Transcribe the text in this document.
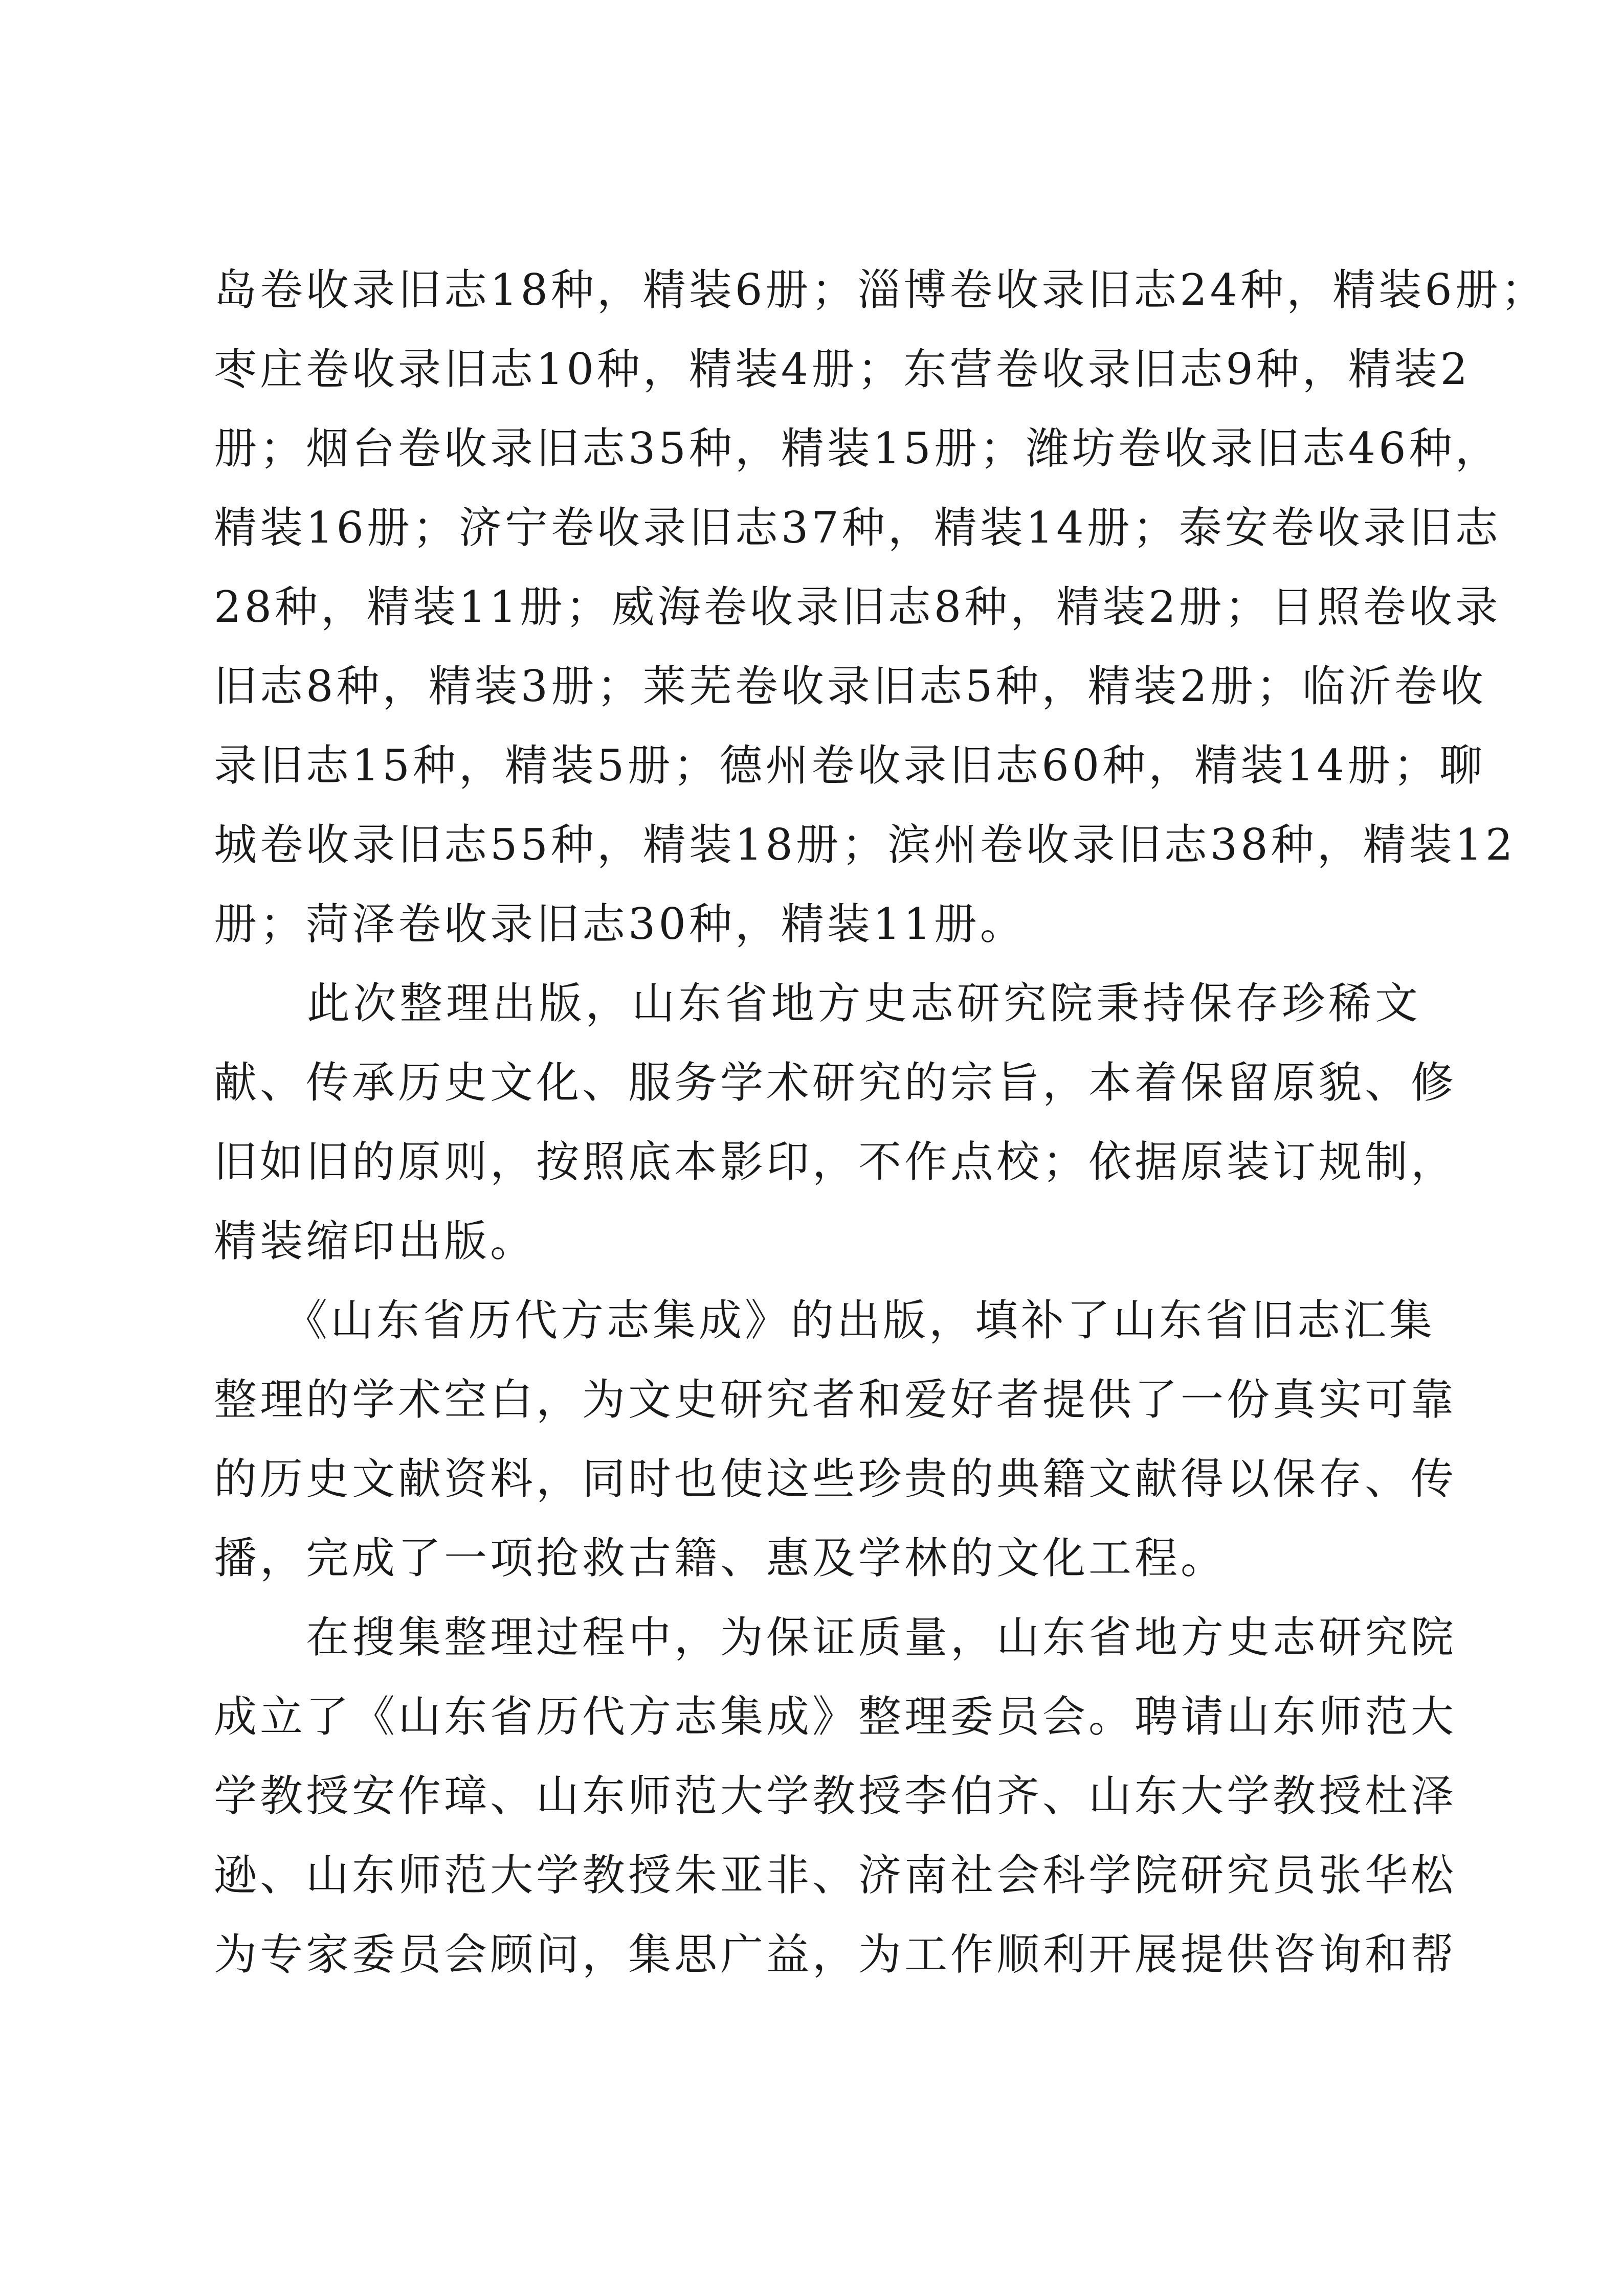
岛卷收录旧志18种，精装6册；淄博卷收录旧志24种，精装6册；
枣庄卷收录旧志10种，精装4册；东营卷收录旧志9种，精装2
册；烟台卷收录旧志35种，精装15册；潍坊卷收录旧志46种，
精装16册；济宁卷收录旧志37种，精装14册；泰安卷收录旧志
28种，精装11册；威海卷收录旧志8种，精装2册；日照卷收录
旧志8种，精装3册；莱芜卷收录旧志5种，精装2册；临沂卷收
录旧志15种，精装5册；德州卷收录旧志60种，精装14册；聊
城卷收录旧志55种，精装18册；滨州卷收录旧志38种，精装12
册；菏泽卷收录旧志30种，精装11册。
　　此次整理出版，山东省地方史志研究院秉持保存珍稀文
献、传承历史文化、服务学术研究的宗旨，本着保留原貌、修
旧如旧的原则，按照底本影印，不作点校；依据原装订规制，
精装缩印出版。
　　《山东省历代方志集成》的出版，填补了山东省旧志汇集
整理的学术空白，为文史研究者和爱好者提供了一份真实可靠
的历史文献资料，同时也使这些珍贵的典籍文献得以保存、传
播，完成了一项抢救古籍、惠及学林的文化工程。
　　在搜集整理过程中，为保证质量，山东省地方史志研究院
成立了《山东省历代方志集成》整理委员会。聘请山东师范大
学教授安作璋、山东师范大学教授李伯齐、山东大学教授杜泽
逊、山东师范大学教授朱亚非、济南社会科学院研究员张华松
为专家委员会顾问，集思广益，为工作顺利开展提供咨询和帮
